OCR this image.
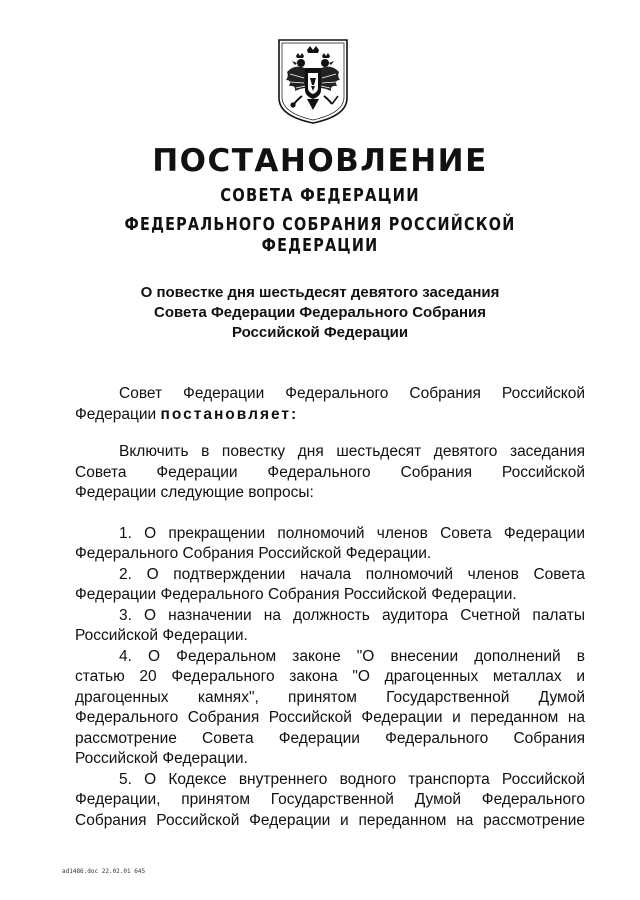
ПОСТАНОВЛЕНИЕ
СОВЕТА ФЕДЕРАЦИИ
ФЕДЕРАЛЬНОГО СОБРАНИЯ РОССИЙСКОЙ ФЕДЕРАЦИИ
О повестке дня шестьдесят девятого заседания
Совета Федерации Федерального Собрания
Российской Федерации
Совет Федерации Федерального Собрания Российской
Федерации постановляет:
Включить в повестку дня шестьдесят девятого заседания
Совета Федерации Федерального Собрания Российской
Федерации следующие вопросы:
1. О прекращении полномочий членов Совета Федерации
Федерального Собрания Российской Федерации.
2. О подтверждении начала полномочий членов Совета
Федерации Федерального Собрания Российской Федерации.
3. О назначении на должность аудитора Счетной палаты
Российской Федерации.
4. О Федеральном законе "О внесении дополнений в
статью 20 Федерального закона "О драгоценных металлах и
драгоценных камнях", принятом Государственной Думой
Федерального Собрания Российской Федерации и переданном на
рассмотрение Совета Федерации Федерального Собрания
Российской Федерации.
5. О Кодексе внутреннего водного транспорта Российской
Федерации, принятом Государственной Думой Федерального
Собрания Российской Федерации и переданном на рассмотрение
ad1486.doc 22.02.01 645
